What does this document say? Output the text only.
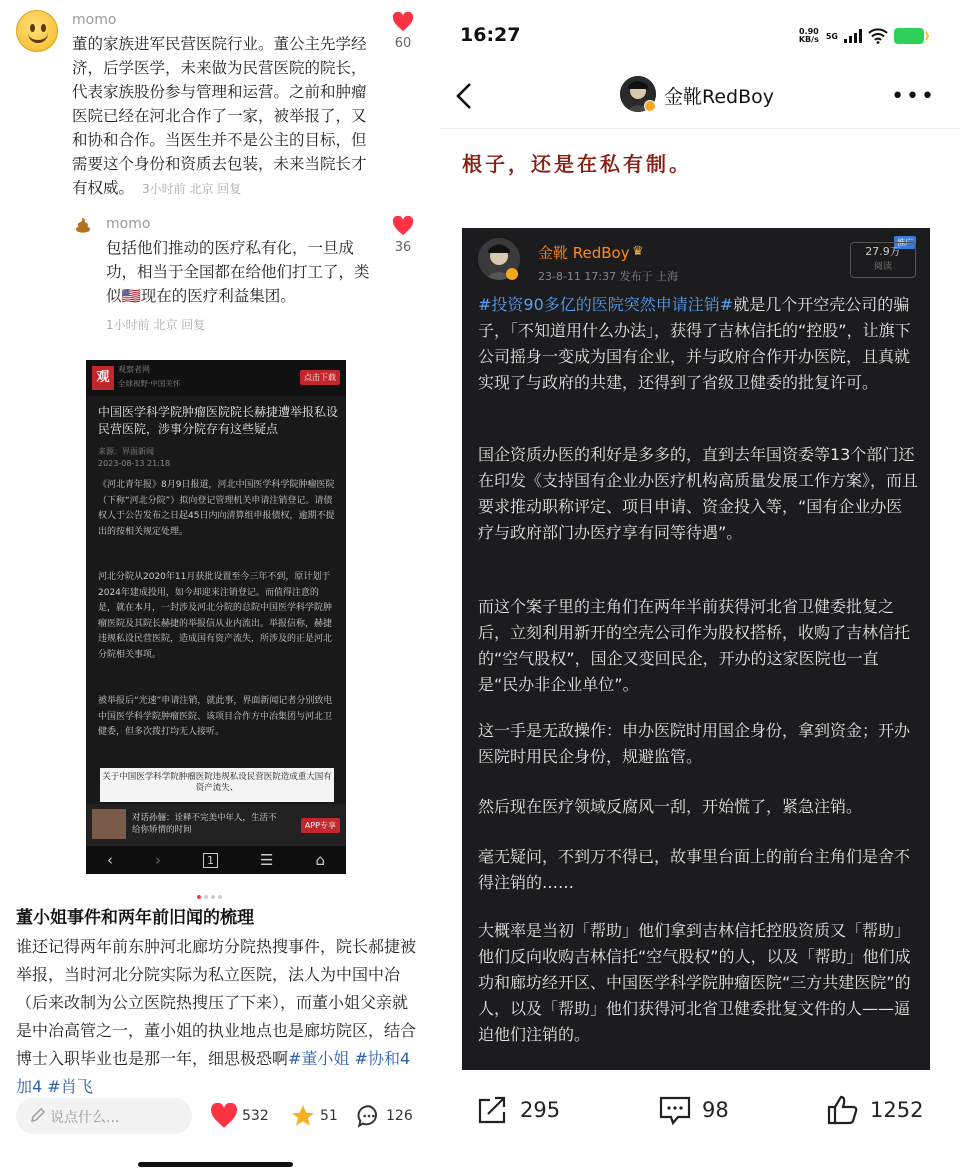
momo
董的家族进军民营医院行业。董公主先学经
济，后学医学，未来做为民营医院的院长，
代表家族股份参与管理和运营。之前和肿瘤
医院已经在河北合作了一家，被举报了，又
和协和合作。当医生并不是公主的目标，但
需要这个身份和资质去包装，未来当院长才
有权威。 3小时前 北京 回复
60
momo
包括他们推动的医疗私有化，一旦成
功，相当于全国都在给他们打工了，类
似🇺🇸现在的医疗利益集团。
1小时前 北京 回复
36
观
观察者网
全球视野·中国关怀
点击下载
中国医学科学院肿瘤医院院长赫捷遭举报私设民营医院，涉事分院存有这些疑点
来源：界面新闻
2023-08-13 21:18
《河北青年报》8月9日报道，河北中国医学科学院肿瘤医院（下称“河北分院”）拟向登记管理机关申请注销登记。请债权人于公告发布之日起45日内向清算组申报债权，逾期不提出的按相关规定处理。
河北分院从2020年11月获批设置至今三年不到，原计划于2024年建成投用，如今却迎来注销登记。而值得注意的是，就在本月，一封涉及河北分院的总院中国医学科学院肿瘤医院及其院长赫捷的举报信从业内流出。举报信称，赫捷违规私设民营医院，造成国有资产流失，所涉及的正是河北分院相关事项。
被举报后“光速”申请注销，就此事，界面新闻记者分别致电中国医学科学院肿瘤医院、该项目合作方中冶集团与河北卫健委，但多次拨打均无人接听。
关于中国医学科学院肿瘤医院违规私设民营医院造成重大国有资产流失、
对话孙俪：诠释不完美中年人，生活不给你矫情的时间	APP专享
‹	›	1	☰	⌂
董小姐事件和两年前旧闻的梳理
谁还记得两年前东肿河北廊坊分院热搜事件，院长郝捷被举报，当时河北分院实际为私立医院，法人为中国中冶（后来改制为公立医院热搜压了下来），而董小姐父亲就是中冶高管之一，董小姐的执业地点也是廊坊院区，结合博士入职毕业也是那一年，细思极恐啊#董小姐 #协和4加4 #肖飞
说点什么...	532	51	126
16:27	0.90 KB/s 5G
金靴RedBoy	•••
根子，还是在私有制。
金靴 RedBoy ♛
23-8-11 17:37 发布于 上海
推广
27.9万
阅读
#投资90多亿的医院突然申请注销#就是几个开空壳公司的骗子，「不知道用什么办法」，获得了吉林信托的“控股”，让旗下公司摇身一变成为国有企业，并与政府合作开办医院，且真就实现了与政府的共建，还得到了省级卫健委的批复许可。
国企资质办医的利好是多多的，直到去年国资委等13个部门还在印发《支持国有企业办医疗机构高质量发展工作方案》，而且要求推动职称评定、项目申请、资金投入等，“国有企业办医疗与政府部门办医疗享有同等待遇”。
而这个案子里的主角们在两年半前获得河北省卫健委批复之后，立刻利用新开的空壳公司作为股权搭桥，收购了吉林信托的“空气股权”，国企又变回民企，开办的这家医院也一直是“民办非企业单位”。
这一手是无敌操作：申办医院时用国企身份，拿到资金；开办医院时用民企身份，规避监管。
然后现在医疗领域反腐风一刮，开始慌了，紧急注销。
毫无疑问，不到万不得已，故事里台面上的前台主角们是舍不得注销的……
大概率是当初「帮助」他们拿到吉林信托控股资质又「帮助」他们反向收购吉林信托“空气股权”的人，以及「帮助」他们成功和廊坊经开区、中国医学科学院肿瘤医院“三方共建医院”的人，以及「帮助」他们获得河北省卫健委批复文件的人——逼迫他们注销的。
295	98	1252
